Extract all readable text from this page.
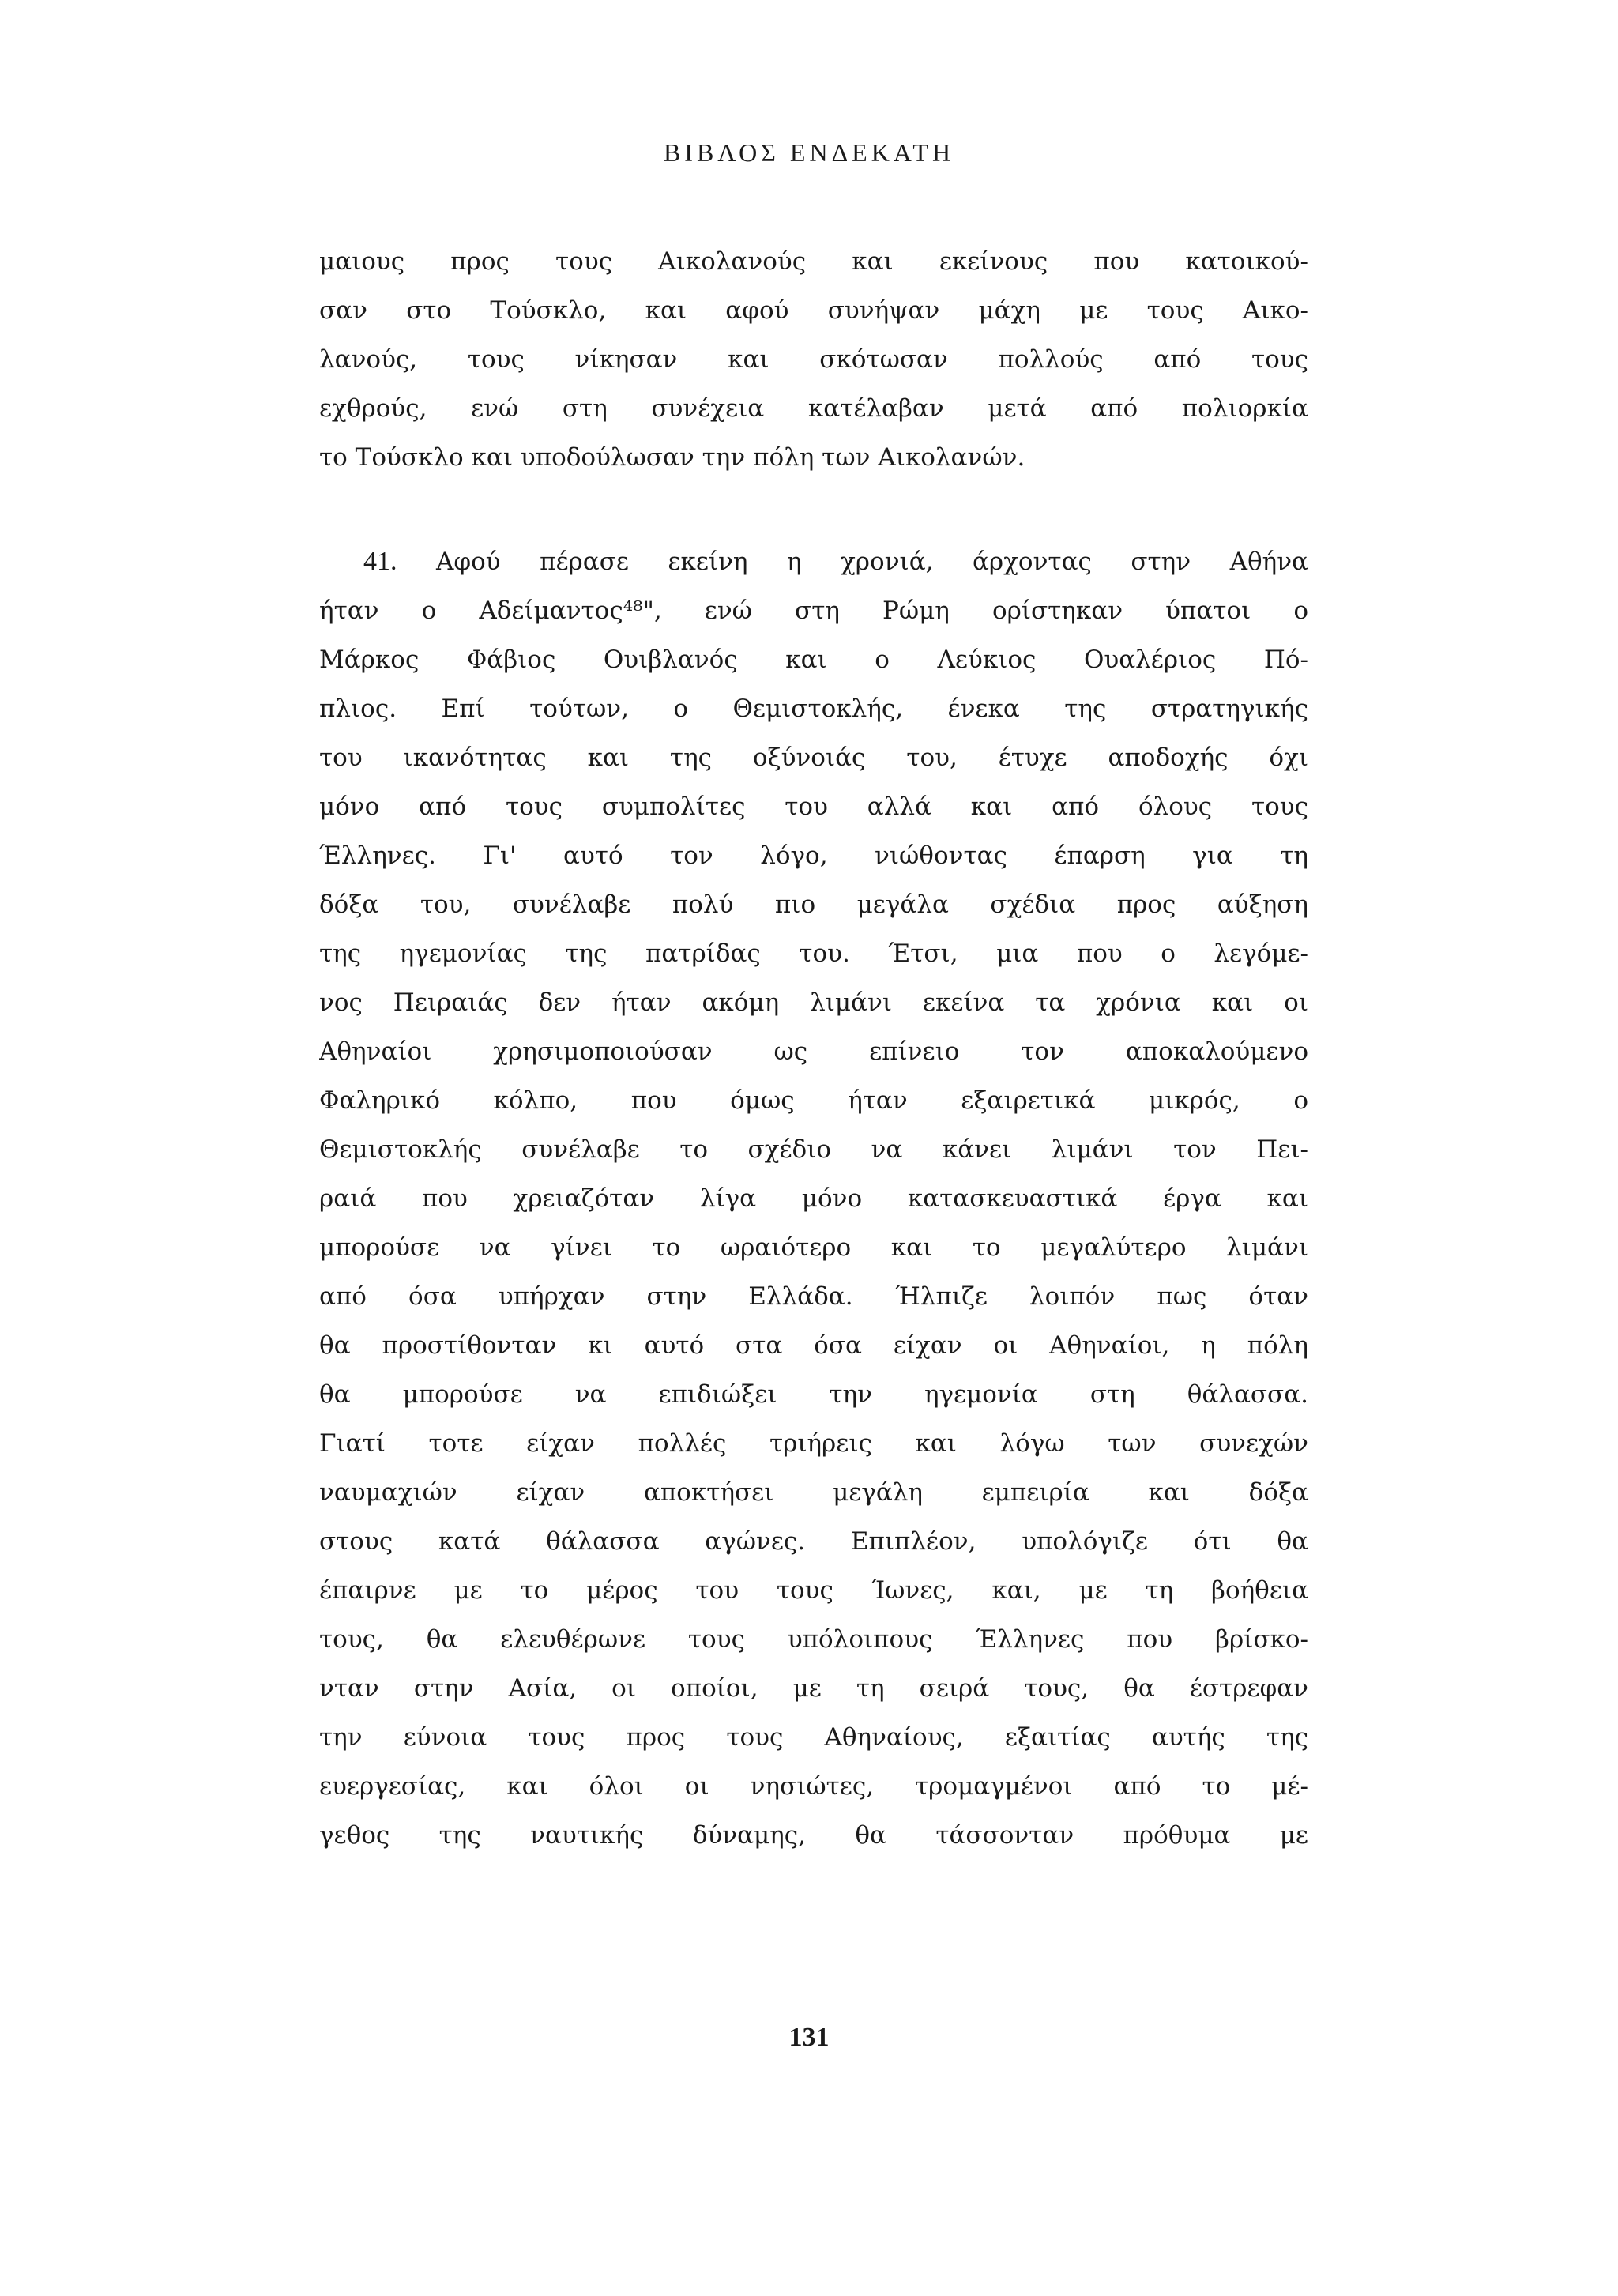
ΒΙΒΛΟΣ ΕΝΔΕΚΑΤΗ
μαιους προς τους Αικολανούς και εκείνους που κατοικού-
σαν στο Τούσκλο, και αφού συνήψαν μάχη με τους Αικο-
λανούς, τους νίκησαν και σκότωσαν πολλούς από τους
εχθρούς, ενώ στη συνέχεια κατέλαβαν μετά από πολιορκία
το Τούσκλο και υποδούλωσαν την πόλη των Αικολανών.
41. Αφού πέρασε εκείνη η χρονιά, άρχοντας στην Αθήνα
ήταν ο Αδείμαντος⁴⁸", ενώ στη Ρώμη ορίστηκαν ύπατοι ο
Μάρκος Φάβιος Ουιβλανός και ο Λεύκιος Ουαλέριος Πό-
πλιος. Επί τούτων, ο Θεμιστοκλής, ένεκα της στρατηγικής
του ικανότητας και της οξύνοιάς του, έτυχε αποδοχής όχι
μόνο από τους συμπολίτες του αλλά και από όλους τους
Έλληνες. Γι' αυτό τον λόγο, νιώθοντας έπαρση για τη
δόξα του, συνέλαβε πολύ πιο μεγάλα σχέδια προς αύξηση
της ηγεμονίας της πατρίδας του. Έτσι, μια που ο λεγόμε-
νος Πειραιάς δεν ήταν ακόμη λιμάνι εκείνα τα χρόνια και οι
Αθηναίοι χρησιμοποιούσαν ως επίνειο τον αποκαλούμενο
Φαληρικό κόλπο, που όμως ήταν εξαιρετικά μικρός, ο
Θεμιστοκλής συνέλαβε το σχέδιο να κάνει λιμάνι τον Πει-
ραιά που χρειαζόταν λίγα μόνο κατασκευαστικά έργα και
μπορούσε να γίνει το ωραιότερο και το μεγαλύτερο λιμάνι
από όσα υπήρχαν στην Ελλάδα. Ήλπιζε λοιπόν πως όταν
θα προστίθονταν κι αυτό στα όσα είχαν οι Αθηναίοι, η πόλη
θα μπορούσε να επιδιώξει την ηγεμονία στη θάλασσα.
Γιατί τοτε είχαν πολλές τριήρεις και λόγω των συνεχών
ναυμαχιών είχαν αποκτήσει μεγάλη εμπειρία και δόξα
στους κατά θάλασσα αγώνες. Επιπλέον, υπολόγιζε ότι θα
έπαιρνε με το μέρος του τους Ίωνες, και, με τη βοήθεια
τους, θα ελευθέρωνε τους υπόλοιπους Έλληνες που βρίσκο-
νταν στην Ασία, οι οποίοι, με τη σειρά τους, θα έστρεφαν
την εύνοια τους προς τους Αθηναίους, εξαιτίας αυτής της
ευεργεσίας, και όλοι οι νησιώτες, τρομαγμένοι από το μέ-
γεθος της ναυτικής δύναμης, θα τάσσονταν πρόθυμα με
131
